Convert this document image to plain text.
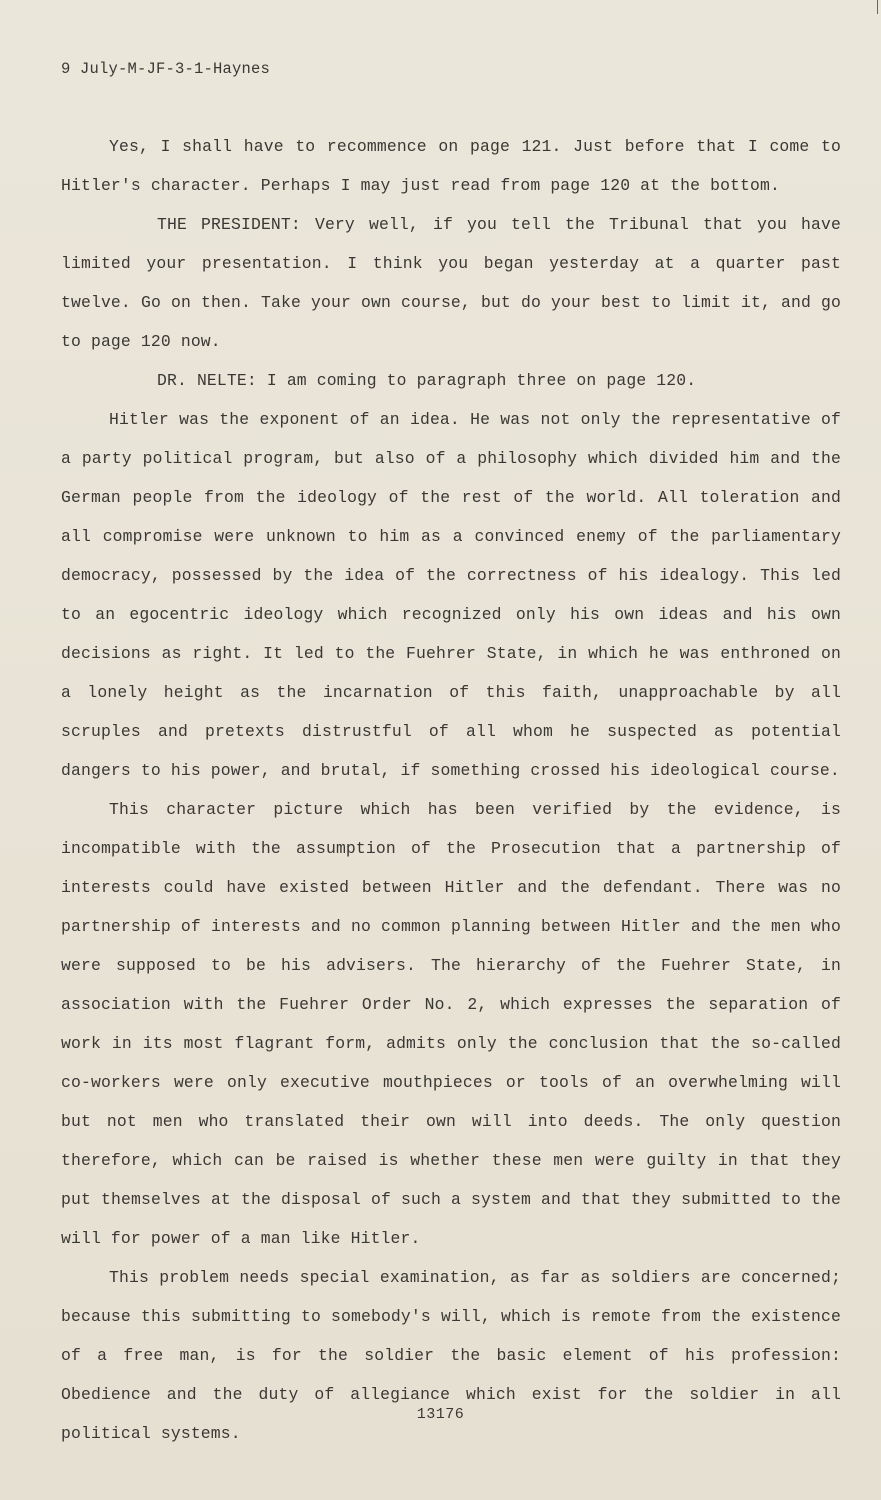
9 July-M-JF-3-1-Haynes

Yes, I shall have to recommence on page 121. Just before that I come to Hitler's character. Perhaps I may just read from page 120 at the bottom.

THE PRESIDENT: Very well, if you tell the Tribunal that you have limited your presentation. I think you began yesterday at a quarter past twelve. Go on then. Take your own course, but do your best to limit it, and go to page 120 now.

DR. NELTE: I am coming to paragraph three on page 120.

Hitler was the exponent of an idea. He was not only the representative of a party political program, but also of a philosophy which divided him and the German people from the ideology of the rest of the world. All toleration and all compromise were unknown to him as a convinced enemy of the parliamentary democracy, possessed by the idea of the correctness of his idealogy. This led to an egocentric ideology which recognized only his own ideas and his own decisions as right. It led to the Fuehrer State, in which he was enthroned on a lonely height as the incarnation of this faith, unapproachable by all scruples and pretexts distrustful of all whom he suspected as potential dangers to his power, and brutal, if something crossed his ideological course.

This character picture which has been verified by the evidence, is incompatible with the assumption of the Prosecution that a partnership of interests could have existed between Hitler and the defendant. There was no partnership of interests and no common planning between Hitler and the men who were supposed to be his advisers. The hierarchy of the Fuehrer State, in association with the Fuehrer Order No. 2, which expresses the separation of work in its most flagrant form, admits only the conclusion that the so-called co-workers were only executive mouthpieces or tools of an overwhelming will but not men who translated their own will into deeds. The only question therefore, which can be raised is whether these men were guilty in that they put themselves at the disposal of such a system and that they submitted to the will for power of a man like Hitler.

This problem needs special examination, as far as soldiers are concerned; because this submitting to somebody's will, which is remote from the existence of a free man, is for the soldier the basic element of his profession: Obedience and the duty of allegiance which exist for the soldier in all political systems.

13176
